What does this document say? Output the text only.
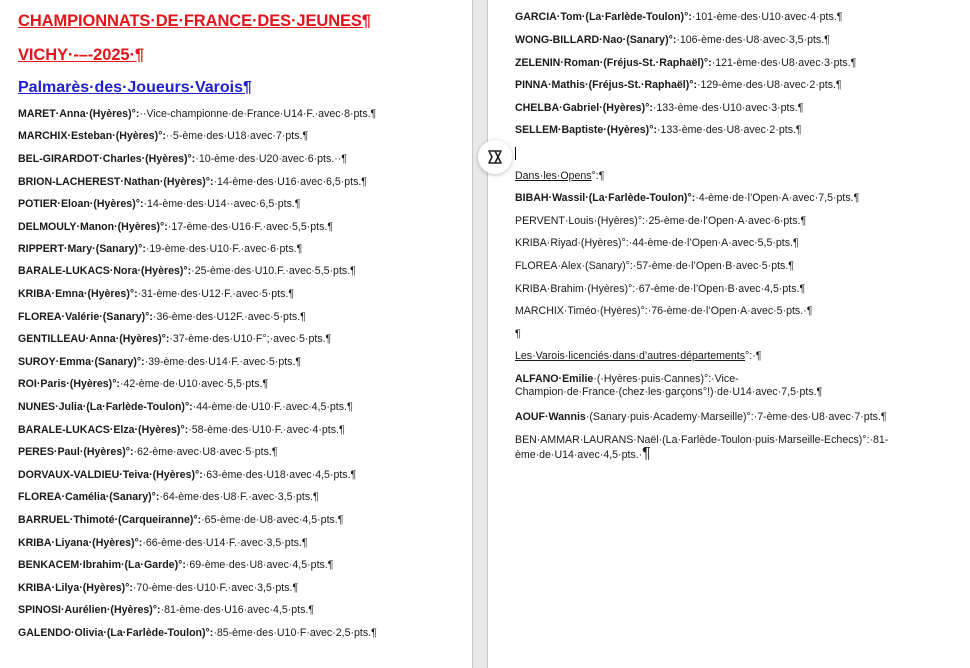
CHAMPIONNATS·DE·FRANCE·DES·JEUNES¶
VICHY·-–-2025·¶
Palmarès·des·Joueurs·Varois¶
MARET·Anna·(Hyères)°:··Vice-championne·de·France·U14·F.·avec·8·pts.¶
MARCHIX·Esteban·(Hyères)°:··5-ème·des·U18·avec·7·pts.¶
BEL-GIRARDOT·Charles·(Hyères)°:·10-ème·des·U20·avec·6·pts.··¶
BRION-LACHEREST·Nathan·(Hyères)°:·14-ème·des·U16·avec·6,5·pts.¶
POTIER·Eloan·(Hyères)°:·14-ème·des·U14··avec·6,5·pts.¶
DELMOULY·Manon·(Hyères)°:·17-ème·des·U16·F.·avec·5,5·pts.¶
RIPPERT·Mary·(Sanary)°:·19-ème·des·U10·F.·avec·6·pts.¶
BARALE-LUKACS·Nora·(Hyères)°:·25-ème·des·U10.F.·avec·5,5·pts.¶
KRIBA·Emna·(Hyères)°:·31-ème·des·U12·F.·avec·5·pts.¶
FLOREA·Valérie·(Sanary)°:·36-ème·des·U12F.·avec·5·pts.¶
GENTILLEAU·Anna·(Hyères)°:·37-ème·des·U10·F°;·avec·5·pts.¶
SUROY·Emma·(Sanary)°:·39-ème·des·U14·F.·avec·5·pts.¶
ROI·Paris·(Hyères)°:·42-ème·de·U10·avec·5,5·pts.¶
NUNES·Julia·(La·Farlède-Toulon)°:·44-ème·de·U10·F.·avec·4,5·pts.¶
BARALE-LUKACS·Elza·(Hyères)°:·58-ème·des·U10·F.·avec·4·pts.¶
PERES·Paul·(Hyères)°:·62-ème·avec·U8·avec·5·pts.¶
DORVAUX-VALDIEU·Teiva·(Hyères)°:·63-ème·des·U18·avec·4,5·pts.¶
FLOREA·Camélia·(Sanary)°:·64-ème·des·U8·F.·avec·3,5·pts.¶
BARRUEL·Thimoté·(Carqueiranne)°:·65-ème·de·U8·avec·4,5·pts.¶
KRIBA·Liyana·(Hyères)°:·66-ème·des·U14·F.·avec·3,5·pts.¶
BENKACEM·Ibrahim·(La·Garde)°:·69-ème·des·U8·avec·4,5·pts.¶
KRIBA·Lilya·(Hyères)°:·70-ème·des·U10·F.·avec·3,5·pts.¶
SPINOSI·Aurélien·(Hyères)°:·81-ème·des·U16·avec·4,5·pts.¶
GALENDO·Olivia·(La·Farlède-Toulon)°:·85-ème·des·U10·F·avec·2,5·pts.¶
GARCIA·Tom·(La·Farlède-Toulon)°:·101-ème·des·U10·avec·4·pts.¶
WONG-BILLARD·Nao·(Sanary)°:·106-ème·des·U8·avec·3,5·pts.¶
ZELENIN·Roman·(Fréjus-St.·Raphaël)°:·121-ème·des·U8·avec·3·pts.¶
PINNA·Mathis·(Fréjus-St.·Raphaël)°:·129-ème·des·U8·avec·2·pts.¶
CHELBA·Gabriel·(Hyères)°:·133-ème·des·U10·avec·3·pts.¶
SELLEM·Baptiste·(Hyères)°:·133-ème·des·U8·avec·2·pts.¶
Dans·les·Opens°:¶
BIBAH·Wassil·(La·Farlède-Toulon)°:·4-ème·de·l’Open·A·avec·7,5·pts.¶
PERVENT·Louis·(Hyères)°:·25-ème·de·l’Open·A·avec·6·pts.¶
KRIBA·Riyad·(Hyères)°:·44-ème·de·l’Open·A·avec·5,5·pts.¶
FLOREA·Alex·(Sanary)°:·57-ème·de·l’Open·B·avec·5·pts.¶
KRIBA·Brahim·(Hyères)°:·67-ème·de·l’Open·B·avec·4,5·pts.¶
MARCHIX·Timéo·(Hyères)°:·76-ème·de·l’Open·A·avec·5·pts.·¶
¶
Les·Varois·licenciés·dans·d’autres·départements°:·¶
ALFANO·Emilie·(·Hyères·puis·Cannes)°:·Vice-Champion·de·France·(chez·les·garçons°!)·de·U14·avec·7,5·pts.¶
AOUF·Wannis·(Sanary·puis·Academy·Marseille)°:·7-ème·des·U8·avec·7·pts.¶
BEN·AMMAR·LAURANS·Naël·(La·Farlède-Toulon·puis·Marseille-Echecs)°:·81-ème·de·U14·avec·4,5·pts.·¶
